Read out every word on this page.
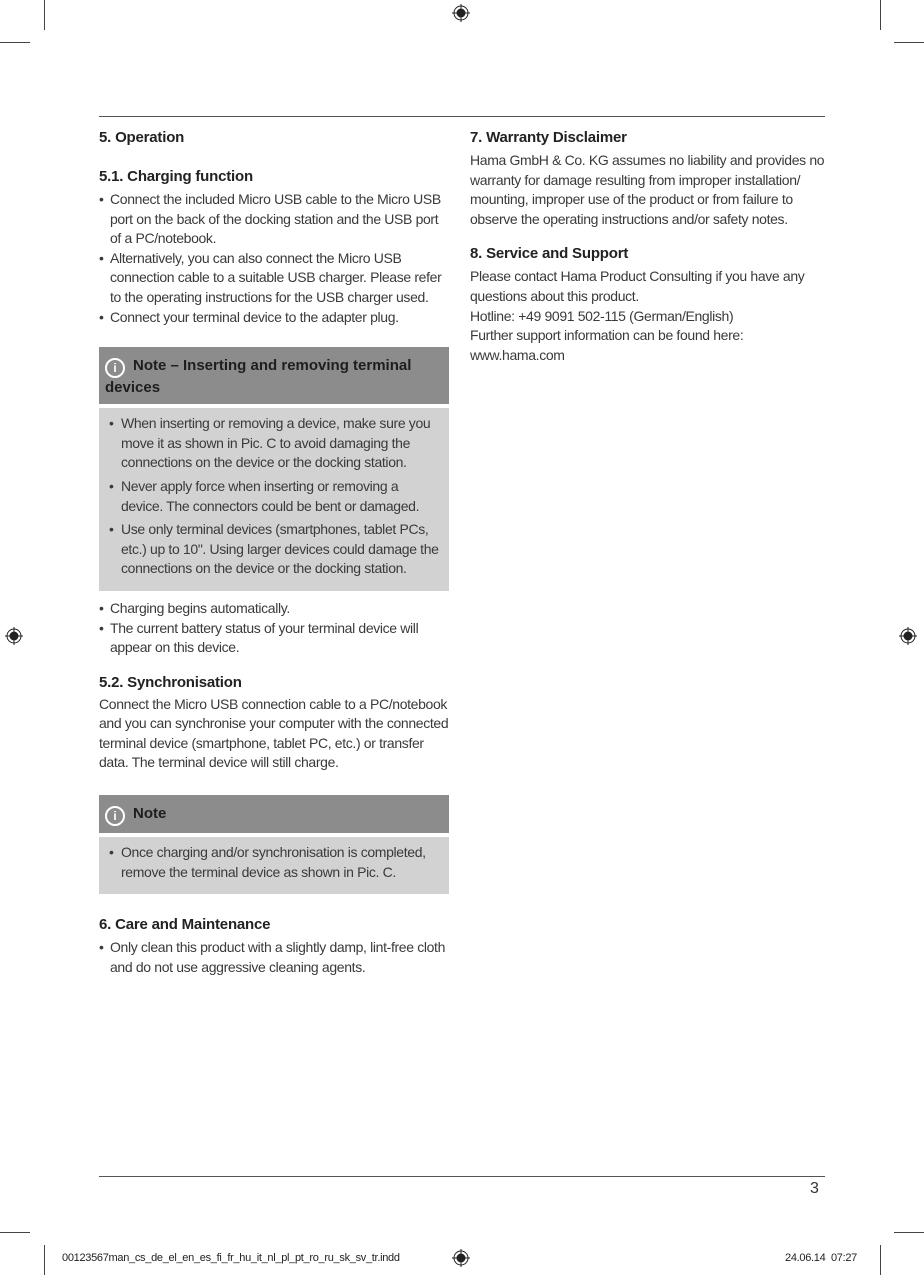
5. Operation
5.1. Charging function
• Connect the included Micro USB cable to the Micro USB port on the back of the docking station and the USB port of a PC/notebook.
• Alternatively, you can also connect the Micro USB connection cable to a suitable USB charger. Please refer to the operating instructions for the USB charger used.
• Connect your terminal device to the adapter plug.
i Note – Inserting and removing terminal devices
• When inserting or removing a device, make sure you move it as shown in Pic. C to avoid damaging the connections on the device or the docking station.
• Never apply force when inserting or removing a device. The connectors could be bent or damaged.
• Use only terminal devices (smartphones, tablet PCs, etc.) up to 10". Using larger devices could damage the connections on the device or the docking station.
• Charging begins automatically.
• The current battery status of your terminal device will appear on this device.
5.2. Synchronisation
Connect the Micro USB connection cable to a PC/notebook and you can synchronise your computer with the connected terminal device (smartphone, tablet PC, etc.) or transfer data. The terminal device will still charge.
i Note
• Once charging and/or synchronisation is completed, remove the terminal device as shown in Pic. C.
6. Care and Maintenance
• Only clean this product with a slightly damp, lint-free cloth and do not use aggressive cleaning agents.
7. Warranty Disclaimer
Hama GmbH & Co. KG assumes no liability and provides no warranty for damage resulting from improper installation/ mounting, improper use of the product or from failure to observe the operating instructions and/or safety notes.
8. Service and Support
Please contact Hama Product Consulting if you have any questions about this product.
Hotline: +49 9091 502-115 (German/English)
Further support information can be found here:
www.hama.com
3
00123567man_cs_de_el_en_es_fi_fr_hu_it_nl_pl_pt_ro_ru_sk_sv_tr.indd	24.06.14 07:27
